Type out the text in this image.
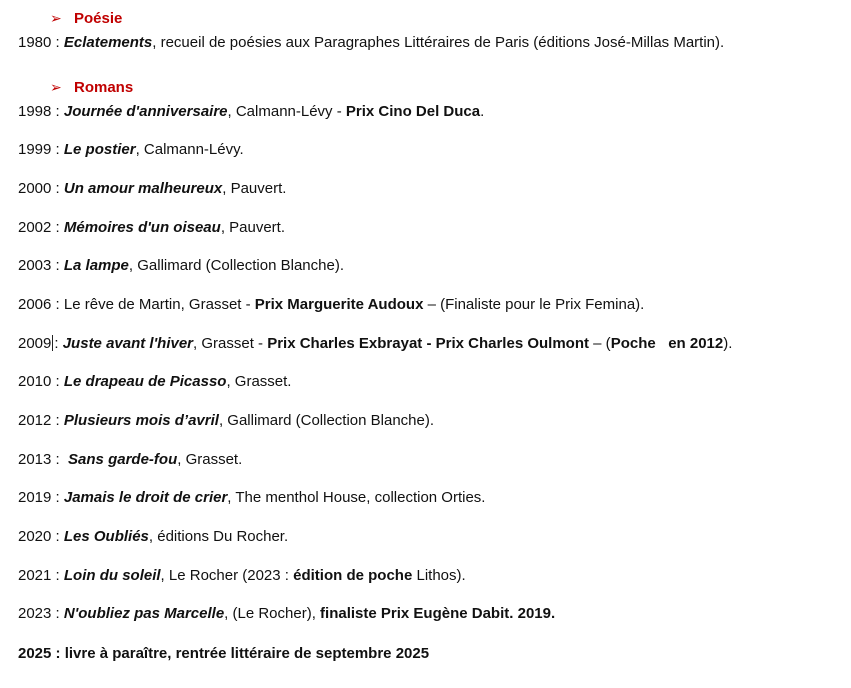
➢ Poésie
1980 : Eclatements, recueil de poésies aux Paragraphes Littéraires de Paris (éditions José-Millas Martin).
➢ Romans
1998 : Journée d'anniversaire, Calmann-Lévy - Prix Cino Del Duca.
1999 : Le postier, Calmann-Lévy.
2000 : Un amour malheureux, Pauvert.
2002 : Mémoires d'un oiseau, Pauvert.
2003 : La lampe, Gallimard (Collection Blanche).
2006 : Le rêve de Martin, Grasset - Prix Marguerite Audoux – (Finaliste pour le Prix Femina).
2009 : Juste avant l'hiver, Grasset - Prix Charles Exbrayat - Prix Charles Oulmont – (Poche   en 2012).
2010 : Le drapeau de Picasso, Grasset.
2012 : Plusieurs mois d’avril, Gallimard (Collection Blanche).
2013 :  Sans garde-fou, Grasset.
2019 : Jamais le droit de crier, The menthol House, collection Orties.
2020 : Les Oubliés, éditions Du Rocher.
2021 : Loin du soleil, Le Rocher (2023 : édition de poche Lithos).
2023 : N'oubliez pas Marcelle, (Le Rocher), finaliste Prix Eugène Dabit. 2019.
2025 : livre à paraître, rentrée littéraire de septembre 2025
